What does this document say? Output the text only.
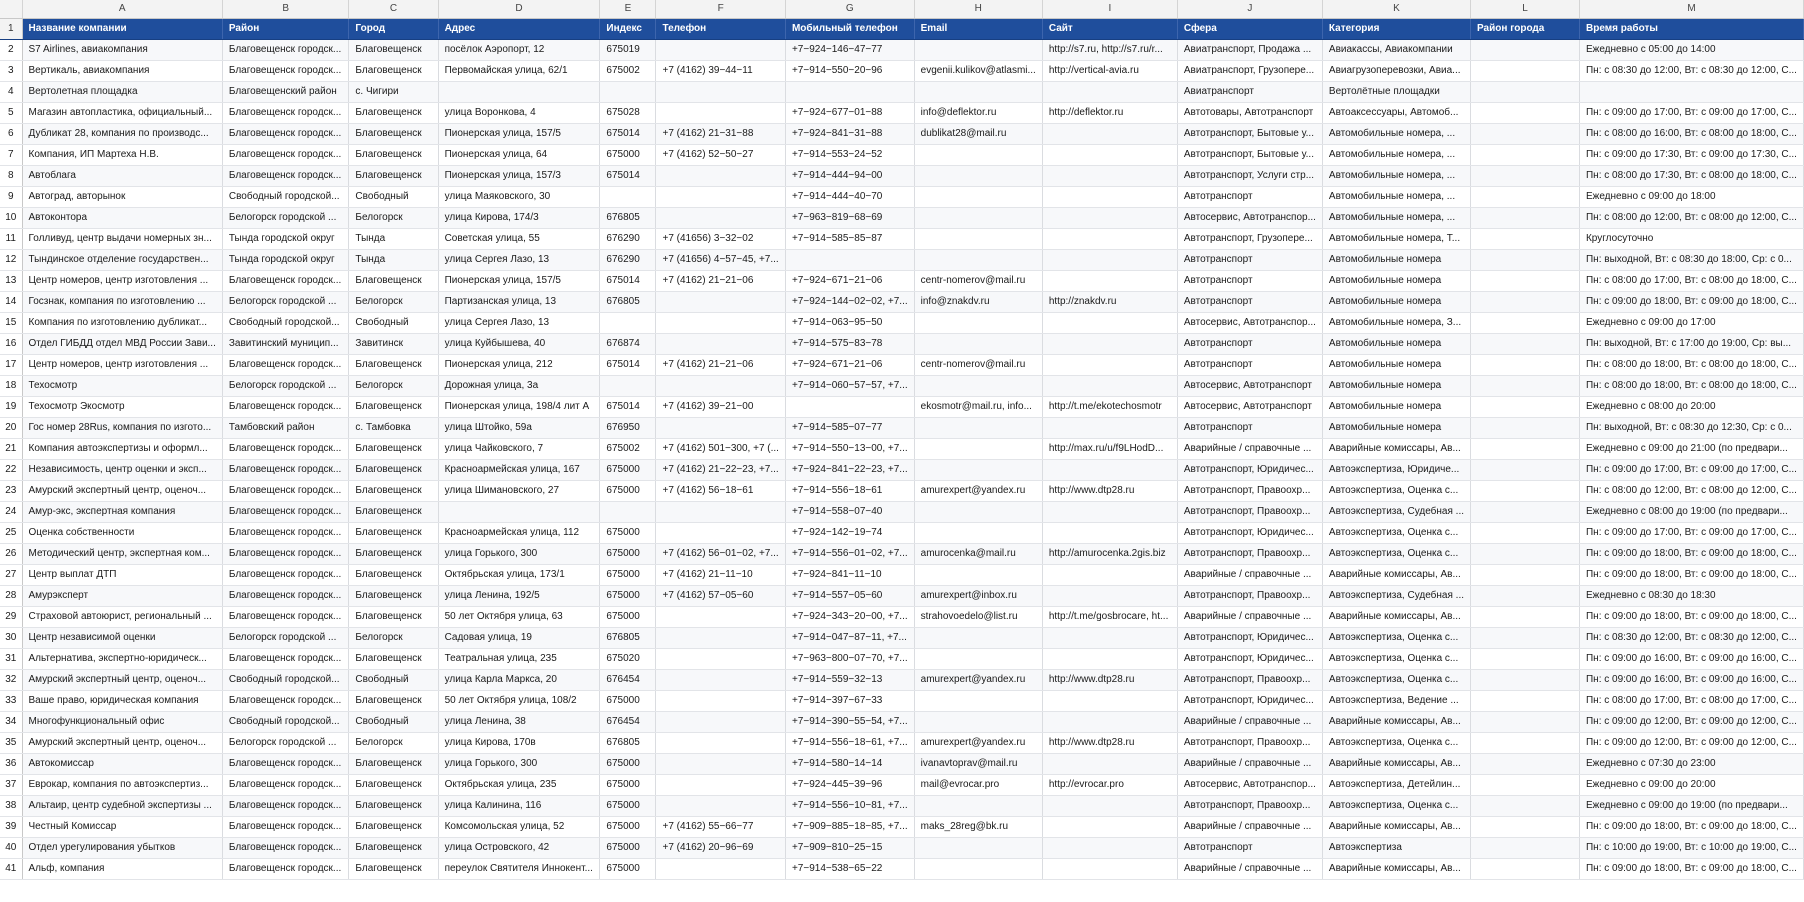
	A	B	C	D	E	F	G	H	I	J	K	L	M
1	Название компании	Район	Город	Адрес	Индекс	Телефон	Мобильный телефон	Email	Сайт	Сфера	Категория	Район города	Время работы
2	S7 Airlines, авиакомпания	Благовещенск городск...	Благовещенск	посёлок Аэропорт, 12	675019		+7−924−146−47−77		http://s7.ru, http://s7.ru/r...	Авиатранспорт, Продажа ...	Авиакассы, Авиакомпании		Ежедневно с 05:00 до 14:00
3	Вертикаль, авиакомпания	Благовещенск городск...	Благовещенск	Первомайская улица, 62/1	675002	+7 (4162) 39−44−11	+7−914−550−20−96	evgenii.kulikov@atlasmi...	http://vertical-avia.ru	Авиатранспорт, Грузопере...	Авиагрузоперевозки, Авиа...		Пн: с 08:30 до 12:00, Вт: с 08:30 до 12:00, С...
4	Вертолетная площадка	Благовещенский район	с. Чигири							Авиатранспорт	Вертолётные площадки		
5	Магазин автопластика, официальный...	Благовещенск городск...	Благовещенск	улица Воронкова, 4	675028		+7−924−677−01−88	info@deflektor.ru	http://deflektor.ru	Автотовары, Автотранспорт	Автоаксессуары, Автомоб...		Пн: с 09:00 до 17:00, Вт: с 09:00 до 17:00, С...
6	Дубликат 28, компания по производс...	Благовещенск городск...	Благовещенск	Пионерская улица, 157/5	675014	+7 (4162) 21−31−88	+7−924−841−31−88	dublikat28@mail.ru		Автотранспорт, Бытовые у...	Автомобильные номера, ...		Пн: с 08:00 до 16:00, Вт: с 08:00 до 18:00, С...
7	Компания, ИП Мартеха Н.В.	Благовещенск городск...	Благовещенск	Пионерская улица, 64	675000	+7 (4162) 52−50−27	+7−914−553−24−52			Автотранспорт, Бытовые у...	Автомобильные номера, ...		Пн: с 09:00 до 17:30, Вт: с 09:00 до 17:30, С...
8	Автоблага	Благовещенск городск...	Благовещенск	Пионерская улица, 157/3	675014		+7−914−444−94−00			Автотранспорт, Услуги стр...	Автомобильные номера, ...		Пн: с 08:00 до 17:30, Вт: с 08:00 до 18:00, С...
9	Автоград, авторынок	Свободный городской...	Свободный	улица Маяковского, 30			+7−914−444−40−70			Автотранспорт	Автомобильные номера, ...		Ежедневно с 09:00 до 18:00
10	Автоконтора	Белогорск городской ...	Белогорск	улица Кирова, 174/3	676805		+7−963−819−68−69			Автосервис, Автотранспор...	Автомобильные номера, ...		Пн: с 08:00 до 12:00, Вт: с 08:00 до 12:00, С...
11	Голливуд, центр выдачи номерных зн...	Тында городской округ	Тында	Советская улица, 55	676290	+7 (41656) 3−32−02	+7−914−585−85−87			Автотранспорт, Грузопере...	Автомобильные номера, Т...		Круглосуточно
12	Тындинское отделение государствен...	Тында городской округ	Тында	улица Сергея Лазо, 13	676290	+7 (41656) 4−57−45, +7...				Автотранспорт	Автомобильные номера		Пн: выходной, Вт: с 08:30 до 18:00, Ср: с 0...
13	Центр номеров, центр изготовления ...	Благовещенск городск...	Благовещенск	Пионерская улица, 157/5	675014	+7 (4162) 21−21−06	+7−924−671−21−06	centr-nomerov@mail.ru		Автотранспорт	Автомобильные номера		Пн: с 08:00 до 17:00, Вт: с 08:00 до 18:00, С...
14	Госзнак, компания по изготовлению ...	Белогорск городской ...	Белогорск	Партизанская улица, 13	676805		+7−924−144−02−02, +7...	info@znakdv.ru	http://znakdv.ru	Автотранспорт	Автомобильные номера		Пн: с 09:00 до 18:00, Вт: с 09:00 до 18:00, С...
15	Компания по изготовлению дубликат...	Свободный городской...	Свободный	улица Сергея Лазо, 13			+7−914−063−95−50			Автосервис, Автотранспор...	Автомобильные номера, З...		Ежедневно с 09:00 до 17:00
16	Отдел ГИБДД отдел МВД России Зави...	Завитинский муницип...	Завитинск	улица Куйбышева, 40	676874		+7−914−575−83−78			Автотранспорт	Автомобильные номера		Пн: выходной, Вт: с 17:00 до 19:00, Ср: вы...
17	Центр номеров, центр изготовления ...	Благовещенск городск...	Благовещенск	Пионерская улица, 212	675014	+7 (4162) 21−21−06	+7−924−671−21−06	centr-nomerov@mail.ru		Автотранспорт	Автомобильные номера		Пн: с 08:00 до 18:00, Вт: с 08:00 до 18:00, С...
18	Техосмотр	Белогорск городской ...	Белогорск	Дорожная улица, 3а			+7−914−060−57−57, +7...			Автосервис, Автотранспорт	Автомобильные номера		Пн: с 08:00 до 18:00, Вт: с 08:00 до 18:00, С...
19	Техосмотр Экосмотр	Благовещенск городск...	Благовещенск	Пионерская улица, 198/4 лит А	675014	+7 (4162) 39−21−00		ekosmotr@mail.ru, info...	http://t.me/ekotechosmotr	Автосервис, Автотранспорт	Автомобильные номера		Ежедневно с 08:00 до 20:00
20	Гос номер 28Rus, компания по изгото...	Тамбовский район	с. Тамбовка	улица Штойко, 59а	676950		+7−914−585−07−77			Автотранспорт	Автомобильные номера		Пн: выходной, Вт: с 08:30 до 12:30, Ср: с 0...
21	Компания автоэкспертизы и оформл...	Благовещенск городск...	Благовещенск	улица Чайковского, 7	675002	+7 (4162) 501−300, +7 (...	+7−914−550−13−00, +7...		http://max.ru/u/f9LHodD...	Аварийные / справочные ...	Аварийные комиссары, Ав...		Ежедневно с 09:00 до 21:00 (по предвари...
22	Независимость, центр оценки и эксп...	Благовещенск городск...	Благовещенск	Красноармейская улица, 167	675000	+7 (4162) 21−22−23, +7...	+7−924−841−22−23, +7...			Автотранспорт, Юридичес...	Автоэкспертиза, Юридиче...		Пн: с 09:00 до 17:00, Вт: с 09:00 до 17:00, С...
23	Амурский экспертный центр, оценоч...	Благовещенск городск...	Благовещенск	улица Шимановского, 27	675000	+7 (4162) 56−18−61	+7−914−556−18−61	amurexpert@yandex.ru	http://www.dtp28.ru	Автотранспорт, Правоохр...	Автоэкспертиза, Оценка с...		Пн: с 08:00 до 12:00, Вт: с 08:00 до 12:00, С...
24	Амур-экс, экспертная компания	Благовещенск городск...	Благовещенск				+7−914−558−07−40			Автотранспорт, Правоохр...	Автоэкспертиза, Судебная ...		Ежедневно с 08:00 до 19:00 (по предвари...
25	Оценка собственности	Благовещенск городск...	Благовещенск	Красноармейская улица, 112	675000		+7−924−142−19−74			Автотранспорт, Юридичес...	Автоэкспертиза, Оценка с...		Пн: с 09:00 до 17:00, Вт: с 09:00 до 17:00, С...
26	Методический центр, экспертная ком...	Благовещенск городск...	Благовещенск	улица Горького, 300	675000	+7 (4162) 56−01−02, +7...	+7−914−556−01−02, +7...	amurocenka@mail.ru	http://amurocenka.2gis.biz	Автотранспорт, Правоохр...	Автоэкспертиза, Оценка с...		Пн: с 09:00 до 18:00, Вт: с 09:00 до 18:00, С...
27	Центр выплат ДТП	Благовещенск городск...	Благовещенск	Октябрьская улица, 173/1	675000	+7 (4162) 21−11−10	+7−924−841−11−10			Аварийные / справочные ...	Аварийные комиссары, Ав...		Пн: с 09:00 до 18:00, Вт: с 09:00 до 18:00, С...
28	Амурэксперт	Благовещенск городск...	Благовещенск	улица Ленина, 192/5	675000	+7 (4162) 57−05−60	+7−914−557−05−60	amurexpert@inbox.ru		Автотранспорт, Правоохр...	Автоэкспертиза, Судебная ...		Ежедневно с 08:30 до 18:30
29	Страховой автоюрист, региональный ...	Благовещенск городск...	Благовещенск	50 лет Октября улица, 63	675000		+7−924−343−20−00, +7...	strahovoedelo@list.ru	http://t.me/gosbrocare, ht...	Аварийные / справочные ...	Аварийные комиссары, Ав...		Пн: с 09:00 до 18:00, Вт: с 09:00 до 18:00, С...
30	Центр независимой оценки	Белогорск городской ...	Белогорск	Садовая улица, 19	676805		+7−914−047−87−11, +7...			Автотранспорт, Юридичес...	Автоэкспертиза, Оценка с...		Пн: с 08:30 до 12:00, Вт: с 08:30 до 12:00, С...
31	Альтернатива, экспертно-юридическ...	Благовещенск городск...	Благовещенск	Театральная улица, 235	675020		+7−963−800−07−70, +7...			Автотранспорт, Юридичес...	Автоэкспертиза, Оценка с...		Пн: с 09:00 до 16:00, Вт: с 09:00 до 16:00, С...
32	Амурский экспертный центр, оценоч...	Свободный городской...	Свободный	улица Карла Маркса, 20	676454		+7−914−559−32−13	amurexpert@yandex.ru	http://www.dtp28.ru	Автотранспорт, Правоохр...	Автоэкспертиза, Оценка с...		Пн: с 09:00 до 16:00, Вт: с 09:00 до 16:00, С...
33	Ваше право, юридическая компания	Благовещенск городск...	Благовещенск	50 лет Октября улица, 108/2	675000		+7−914−397−67−33			Автотранспорт, Юридичес...	Автоэкспертиза, Ведение ...		Пн: с 08:00 до 17:00, Вт: с 08:00 до 17:00, С...
34	Многофункциональный офис	Свободный городской...	Свободный	улица Ленина, 38	676454		+7−914−390−55−54, +7...			Аварийные / справочные ...	Аварийные комиссары, Ав...		Пн: с 09:00 до 12:00, Вт: с 09:00 до 12:00, С...
35	Амурский экспертный центр, оценоч...	Белогорск городской ...	Белогорск	улица Кирова, 170в	676805		+7−914−556−18−61, +7...	amurexpert@yandex.ru	http://www.dtp28.ru	Автотранспорт, Правоохр...	Автоэкспертиза, Оценка с...		Пн: с 09:00 до 12:00, Вт: с 09:00 до 12:00, С...
36	Автокомиссар	Благовещенск городск...	Благовещенск	улица Горького, 300	675000		+7−914−580−14−14	ivanavtoprav@mail.ru		Аварийные / справочные ...	Аварийные комиссары, Ав...		Ежедневно с 07:30 до 23:00
37	Еврокар, компания по автоэкспертиз...	Благовещенск городск...	Благовещенск	Октябрьская улица, 235	675000		+7−924−445−39−96	mail@evrocar.pro	http://evrocar.pro	Автосервис, Автотранспор...	Автоэкспертиза, Детейлин...		Ежедневно с 09:00 до 20:00
38	Альтаир, центр судебной экспертизы ...	Благовещенск городск...	Благовещенск	улица Калинина, 116	675000		+7−914−556−10−81, +7...			Автотранспорт, Правоохр...	Автоэкспертиза, Оценка с...		Ежедневно с 09:00 до 19:00 (по предвари...
39	Честный Комиссар	Благовещенск городск...	Благовещенск	Комсомольская улица, 52	675000	+7 (4162) 55−66−77	+7−909−885−18−85, +7...	maks_28reg@bk.ru		Аварийные / справочные ...	Аварийные комиссары, Ав...		Пн: с 09:00 до 18:00, Вт: с 09:00 до 18:00, С...
40	Отдел урегулирования убытков	Благовещенск городск...	Благовещенск	улица Островского, 42	675000	+7 (4162) 20−96−69	+7−909−810−25−15			Автотранспорт	Автоэкспертиза		Пн: с 10:00 до 19:00, Вт: с 10:00 до 19:00, С...
41	Альф, компания	Благовещенск городск...	Благовещенск	переулок Святителя Иннокент...	675000		+7−914−538−65−22			Аварийные / справочные ...	Аварийные комиссары, Ав...		Пн: с 09:00 до 18:00, Вт: с 09:00 до 18:00, С...
